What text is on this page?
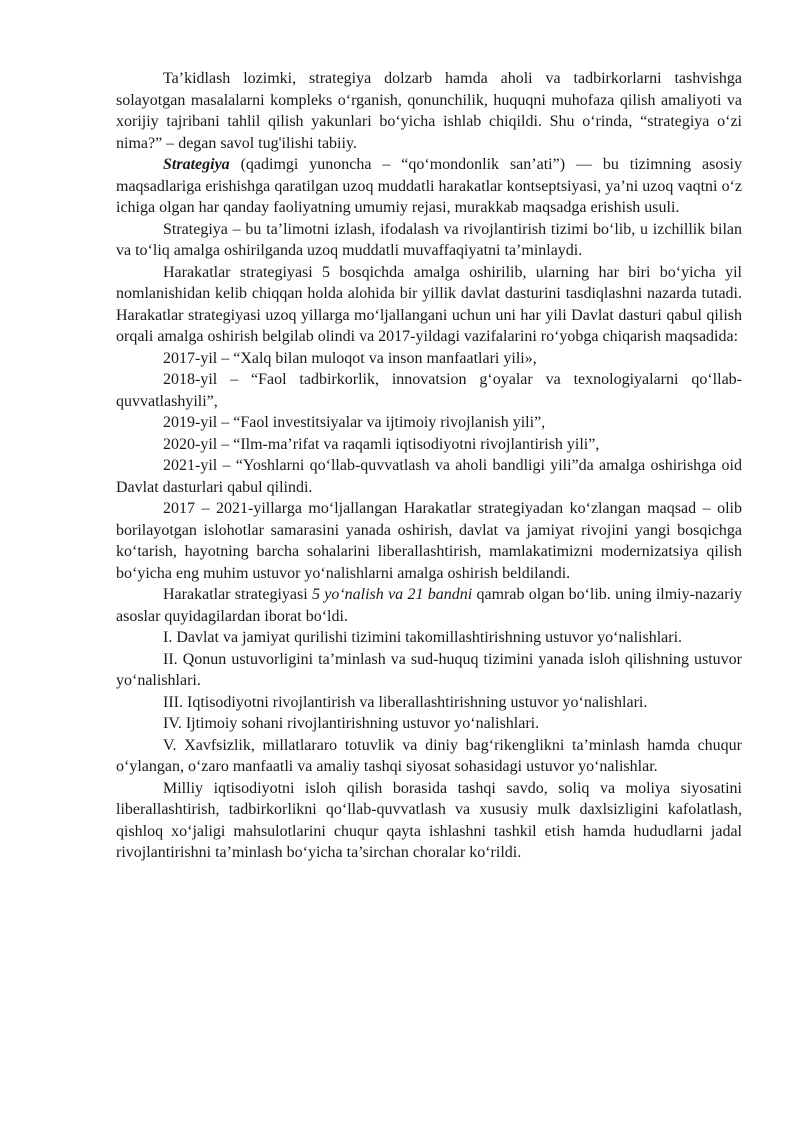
Ta’kidlash lozimki, strategiya dolzarb hamda aholi va tadbirkorlarni tashvishga solayotgan masalalarni kompleks o‘rganish, qonunchilik, huquqni muhofaza qilish amaliyoti va xorijiy tajribani tahlil qilish yakunlari bo‘yicha ishlab chiqildi. Shu o‘rinda, “strategiya o‘zi nima?” – degan savol tug'ilishi tabiiy.

Strategiya (qadimgi yunoncha – “qo‘mondonlik san’ati”) — bu tizimning asosiy maqsadlariga erishishga qaratilgan uzoq muddatli harakatlar kontseptsiyasi, ya’ni uzoq vaqtni o‘z ichiga olgan har qanday faoliyatning umumiy rejasi, murakkab maqsadga erishish usuli.

Strategiya – bu ta’limotni izlash, ifodalash va rivojlantirish tizimi bo‘lib, u izchillik bilan va to‘liq amalga oshirilganda uzoq muddatli muvaffaqiyatni ta’minlaydi.

Harakatlar strategiyasi 5 bosqichda amalga oshirilib, ularning har biri bo‘yicha yil nomlanishidan kelib chiqqan holda alohida bir yillik davlat dasturini tasdiqlashni nazarda tutadi. Harakatlar strategiyasi uzoq yillarga mo‘ljallangani uchun uni har yili Davlat dasturi qabul qilish orqali amalga oshirish belgilab olindi va 2017-yildagi vazifalarini ro‘yobga chiqarish maqsadida:

2017-yil – “Xalq bilan muloqot va inson manfaatlari yili»,

2018-yil – “Faol tadbirkorlik, innovatsion g‘oyalar va texnologiyalarni qo‘llab-quvvatlashyili”,

2019-yil – “Faol investitsiyalar va ijtimoiy rivojlanish yili”,

2020-yil – “Ilm-ma’rifat va raqamli iqtisodiyotni rivojlantirish yili”,

2021-yil – “Yoshlarni qo‘llab-quvvatlash va aholi bandligi yili”da amalga oshirishga oid Davlat dasturlari qabul qilindi.

2017 – 2021-yillarga mo‘ljallangan Harakatlar strategiyadan ko‘zlangan maqsad – olib borilayotgan islohotlar samarasini yanada oshirish, davlat va jamiyat rivojini yangi bosqichga ko‘tarish, hayotning barcha sohalarini liberallashtirish, mamlakatimizni modernizatsiya qilish bo‘yicha eng muhim ustuvor yo‘nalishlarni amalga oshirish beldilandi.

Harakatlar strategiyasi 5 yo‘nalish va 21 bandni qamrab olgan bo‘lib. uning ilmiy-nazariy asoslar quyidagilardan iborat bo‘ldi.

I. Davlat va jamiyat qurilishi tizimini takomillashtirishning ustuvor yo‘nalishlari.

II. Qonun ustuvorligini ta’minlash va sud-huquq tizimini yanada isloh qilishning ustuvor yo‘nalishlari.

III. Iqtisodiyotni rivojlantirish va liberallashtirishning ustuvor yo‘nalishlari.

IV. Ijtimoiy sohani rivojlantirishning ustuvor yo‘nalishlari.

V. Xavfsizlik, millatlararo totuvlik va diniy bag‘rikenglikni ta’minlash hamda chuqur o‘ylangan, o‘zaro manfaatli va amaliy tashqi siyosat sohasidagi ustuvor yo‘nalishlar.

Milliy iqtisodiyotni isloh qilish borasida tashqi savdo, soliq va moliya siyosatini liberallashtirish, tadbirkorlikni qo‘llab-quvvatlash va xususiy mulk daxlsizligini kafolatlash, qishloq xo‘jaligi mahsulotlarini chuqur qayta ishlashni tashkil etish hamda hududlarni jadal rivojlantirishni ta’minlash bo‘yicha ta’sirchan choralar ko‘rildi.
